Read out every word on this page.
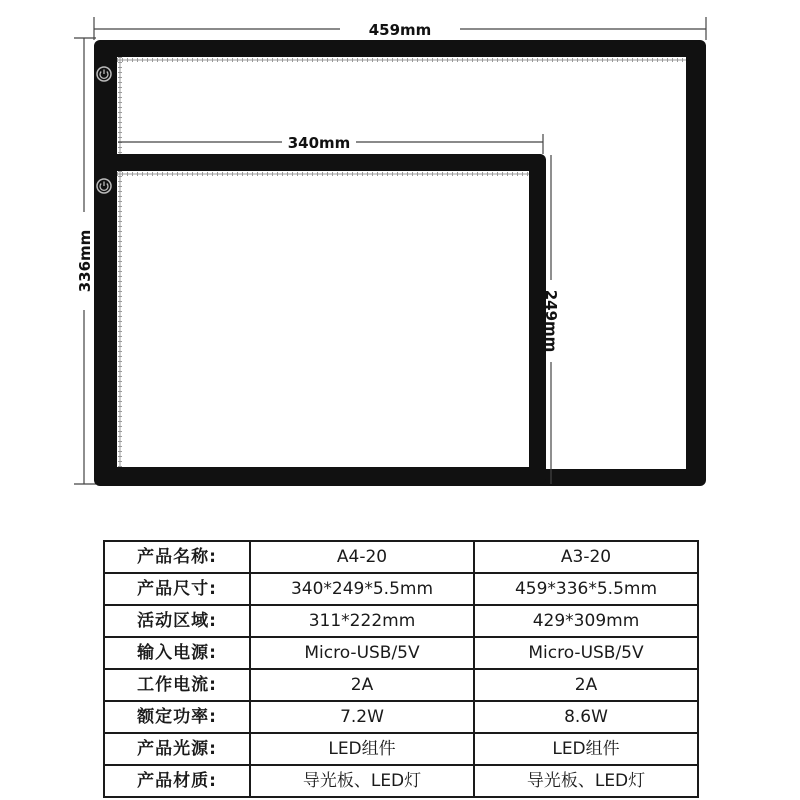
459mm
336mm
340mm
249mm
产品名称:	A4-20	A3-20
产品尺寸:	340*249*5.5mm	459*336*5.5mm
活动区域:	311*222mm	429*309mm
输入电源:	Micro-USB/5V	Micro-USB/5V
工作电流:	2A	2A
额定功率:	7.2W	8.6W
产品光源:	LED组件	LED组件
产品材质:	导光板、LED灯	导光板、LED灯
